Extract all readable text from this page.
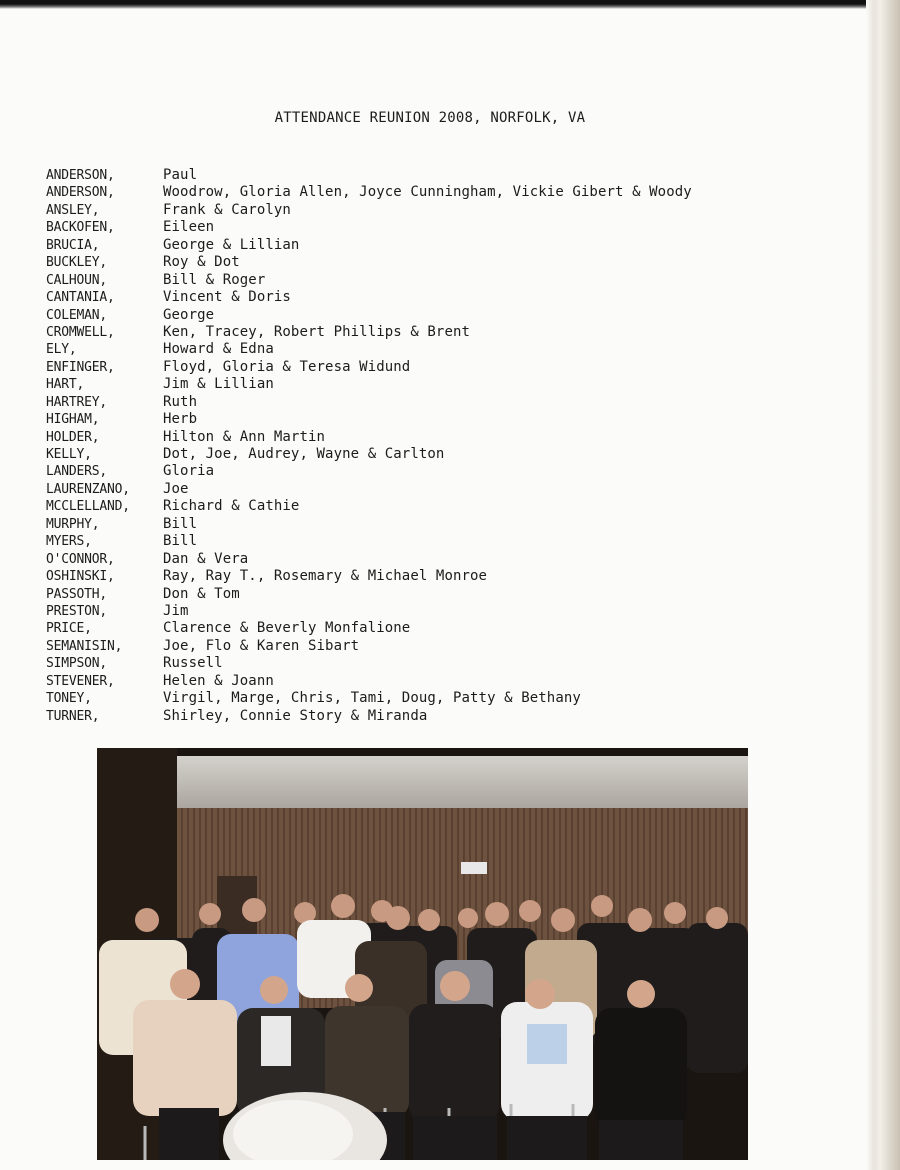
ATTENDANCE REUNION 2008, NORFOLK, VA
ANDERSON,	Paul
ANDERSON,	Woodrow, Gloria Allen, Joyce Cunningham, Vickie Gibert & Woody
ANSLEY,	Frank & Carolyn
BACKOFEN,	Eileen
BRUCIA,	George & Lillian
BUCKLEY,	Roy & Dot
CALHOUN,	Bill & Roger
CANTANIA,	Vincent & Doris
COLEMAN,	George
CROMWELL,	Ken, Tracey, Robert Phillips & Brent
ELY,	Howard & Edna
ENFINGER,	Floyd, Gloria & Teresa Widund
HART,	Jim & Lillian
HARTREY,	Ruth
HIGHAM,	Herb
HOLDER,	Hilton & Ann Martin
KELLY,	Dot, Joe, Audrey, Wayne & Carlton
LANDERS,	Gloria
LAURENZANO,	Joe
MCCLELLAND,	Richard & Cathie
MURPHY,	Bill
MYERS,	Bill
O'CONNOR,	Dan & Vera
OSHINSKI,	Ray, Ray T., Rosemary & Michael Monroe
PASSOTH,	Don & Tom
PRESTON,	Jim
PRICE,	Clarence & Beverly Monfalione
SEMANISIN,	Joe, Flo & Karen Sibart
SIMPSON,	Russell
STEVENER,	Helen & Joann
TONEY,	Virgil, Marge, Chris, Tami, Doug, Patty & Bethany
TURNER,	Shirley, Connie Story & Miranda
